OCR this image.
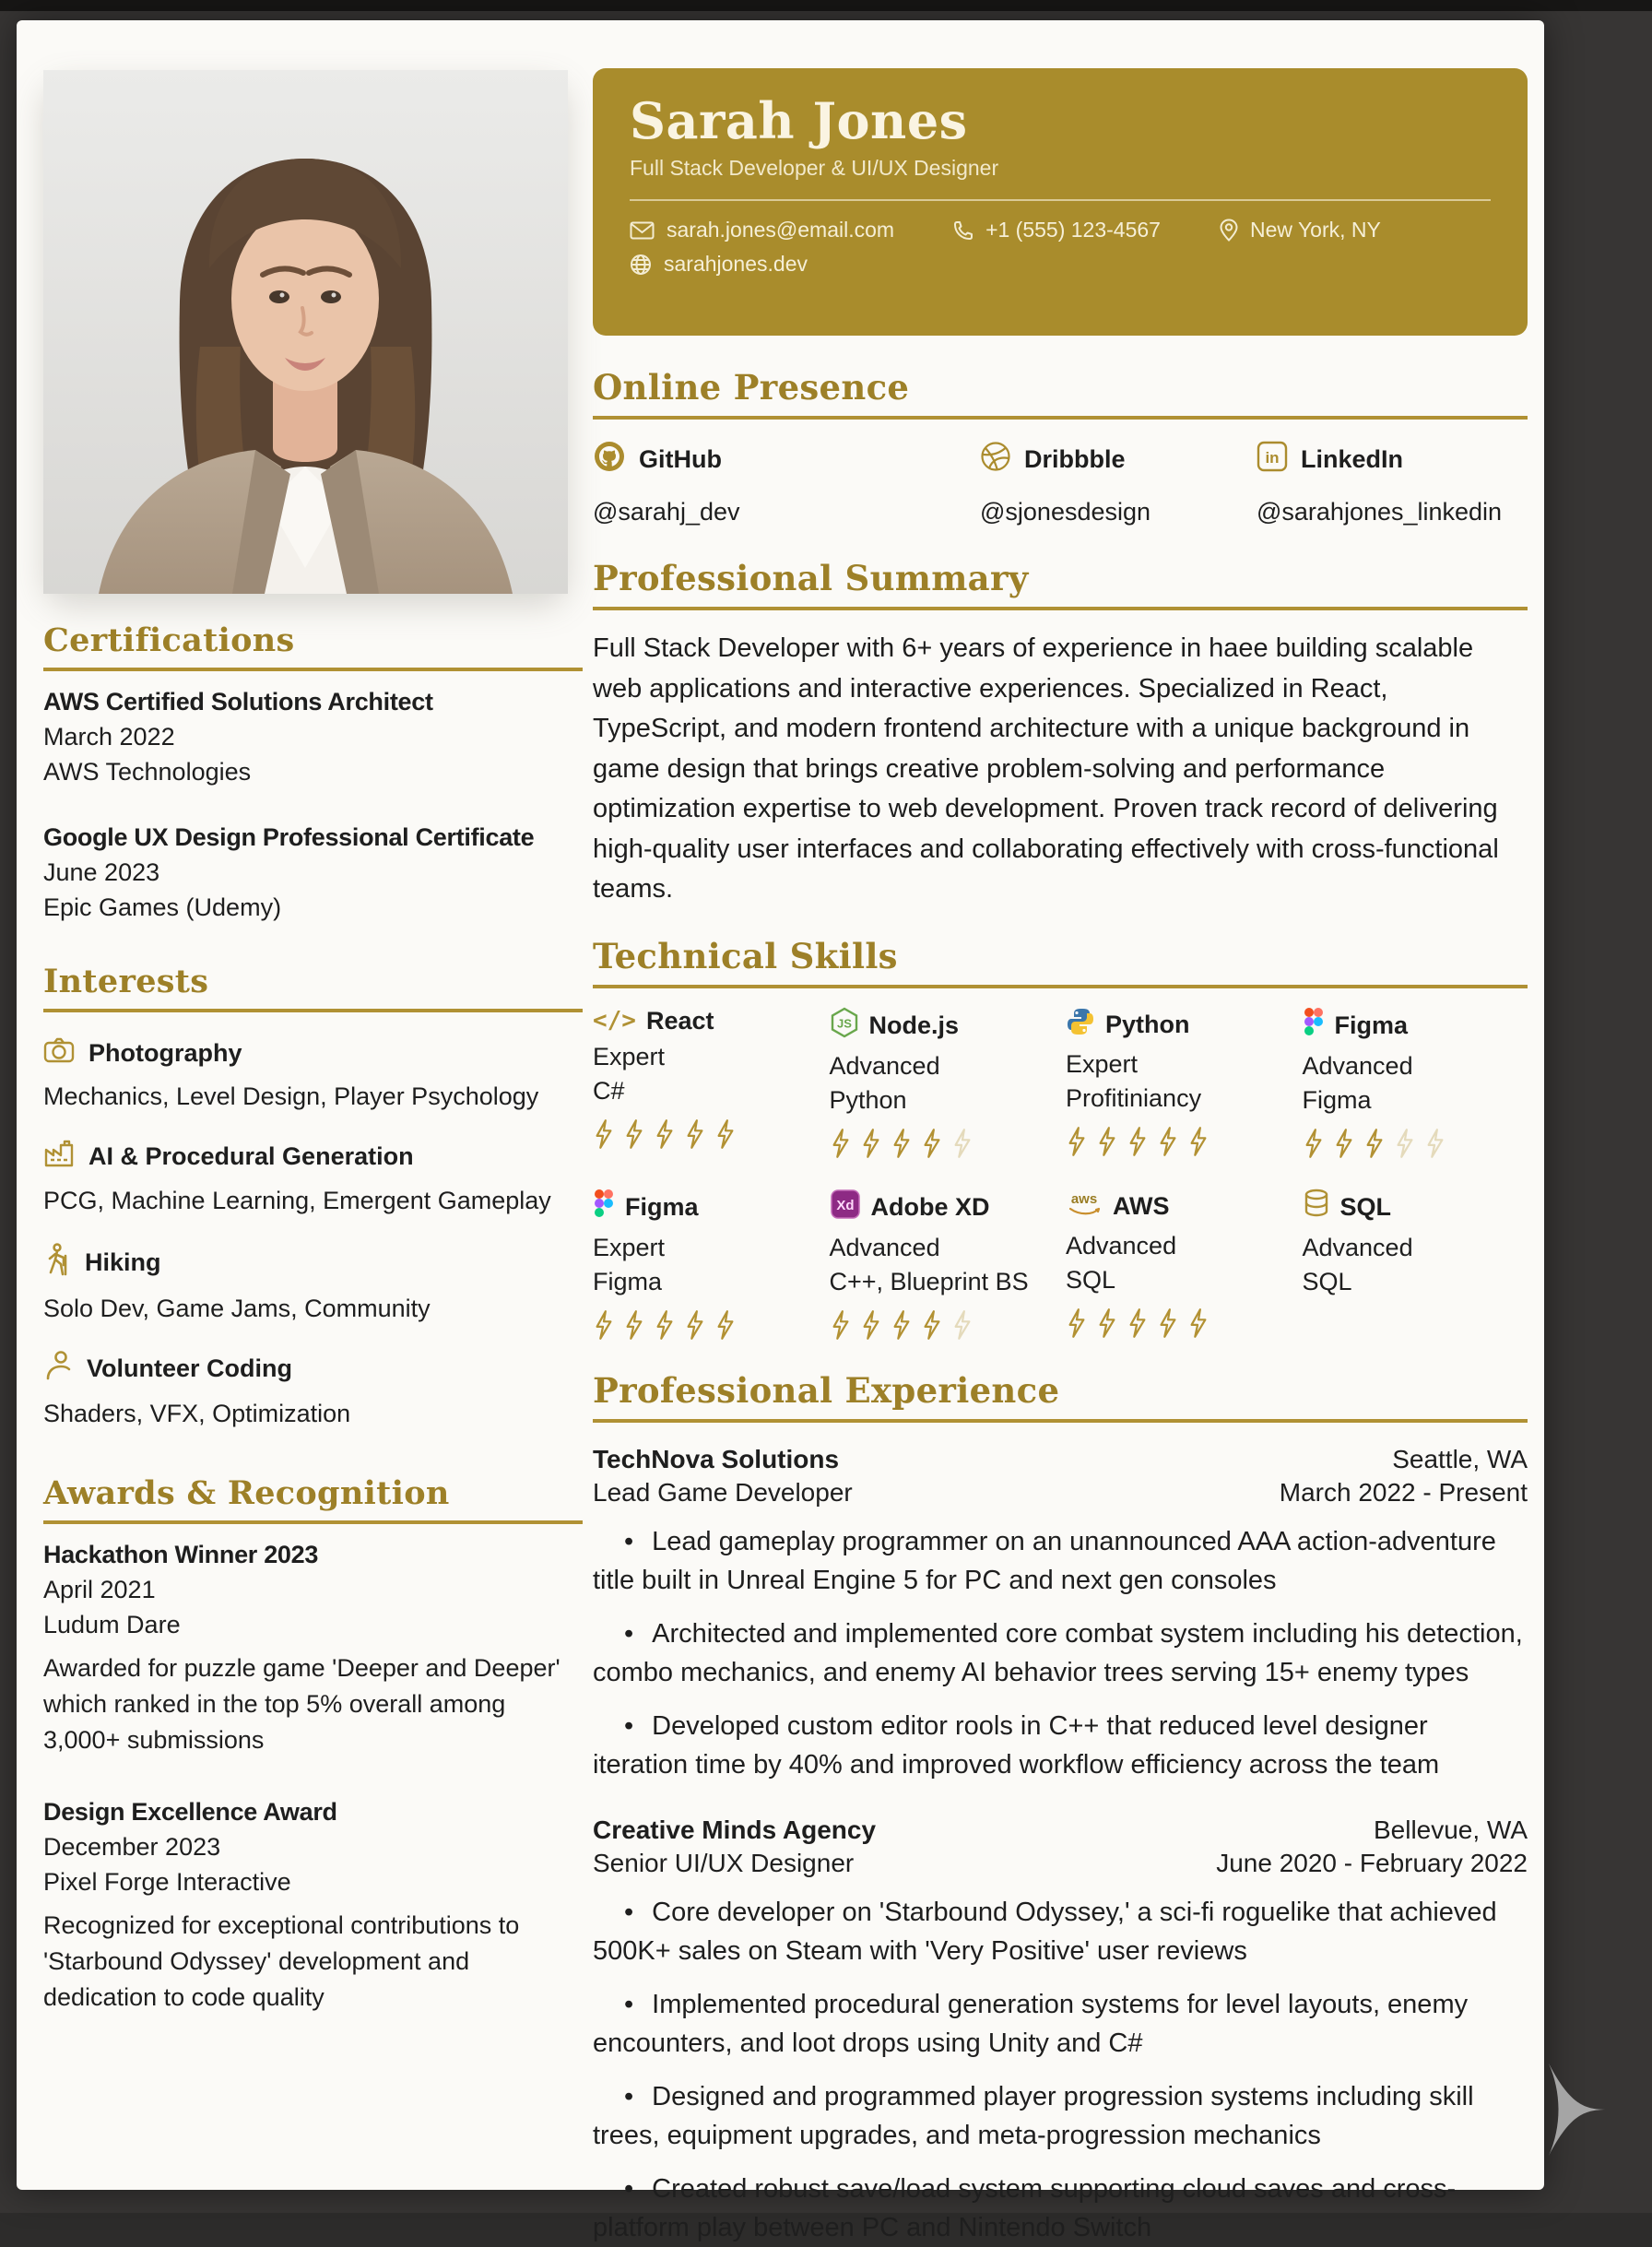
Certifications
AWS Certified Solutions Architect
March 2022
AWS Technologies
Google UX Design Professional Certificate
June 2023
Epic Games (Udemy)
Interests
Photography
Mechanics, Level Design, Player Psychology
AI & Procedural Generation
PCG, Machine Learning, Emergent Gameplay
Hiking
Solo Dev, Game Jams, Community
Volunteer Coding
Shaders, VFX, Optimization
Awards & Recognition
Hackathon Winner 2023
April 2021
Ludum Dare
Awarded for puzzle game 'Deeper and Deeper' which ranked in the top 5% overall among 3,000+ submissions
Design Excellence Award
December 2023
Pixel Forge Interactive
Recognized for exceptional contributions to 'Starbound Odyssey' development and dedication to code quality
Sarah Jones
Full Stack Developer & UI/UX Designer
sarah.jones@email.com	+1 (555) 123-4567	New York, NY
sarahjones.dev
Online Presence
GitHub	Dribbble	in LinkedIn
@sarahj_dev	@sjonesdesign	@sarahjones_linkedin
Professional Summary

Full Stack Developer with 6+ years of experience in haee building scalable web applications and interactive experiences. Specialized in React, TypeScript, and modern frontend architecture with a unique background in game design that brings creative problem-solving and performance optimization expertise to web development. Proven track record of delivering high-quality user interfaces and collaborating effectively with cross-functional teams.

Technical Skills
</> React
Expert
C#
JS Node.js
Advanced
Python
Python
Expert
Profitiniancy
Figma
Advanced
Figma
Figma
Expert
Figma
Xd Adobe XD
Advanced
C++, Blueprint BS
aws AWS
Advanced
SQL
SQL
Advanced
SQL
Professional Experience
TechNova Solutions	Seattle, WA
Lead Game Developer	March 2022 - Present

• Lead gameplay programmer on an unannounced AAA action-adventure title built in Unreal Engine 5 for PC and next gen consoles

• Architected and implemented core combat system including his detection, combo mechanics, and enemy AI behavior trees serving 15+ enemy types

• Developed custom editor rools in C++ that reduced level designer iteration time by 40% and improved workflow efficiency across the team

Creative Minds Agency	Bellevue, WA
Senior UI/UX Designer	June 2020 - February 2022

• Core developer on 'Starbound Odyssey,' a sci-fi roguelike that achieved 500K+ sales on Steam with 'Very Positive' user reviews

• Implemented procedural generation systems for level layouts, enemy encounters, and loot drops using Unity and C#

• Designed and programmed player progression systems including skill trees, equipment upgrades, and meta-progression mechanics

• Created robust save/load system supporting cloud saves and cross-platform play between PC and Nintendo Switch
